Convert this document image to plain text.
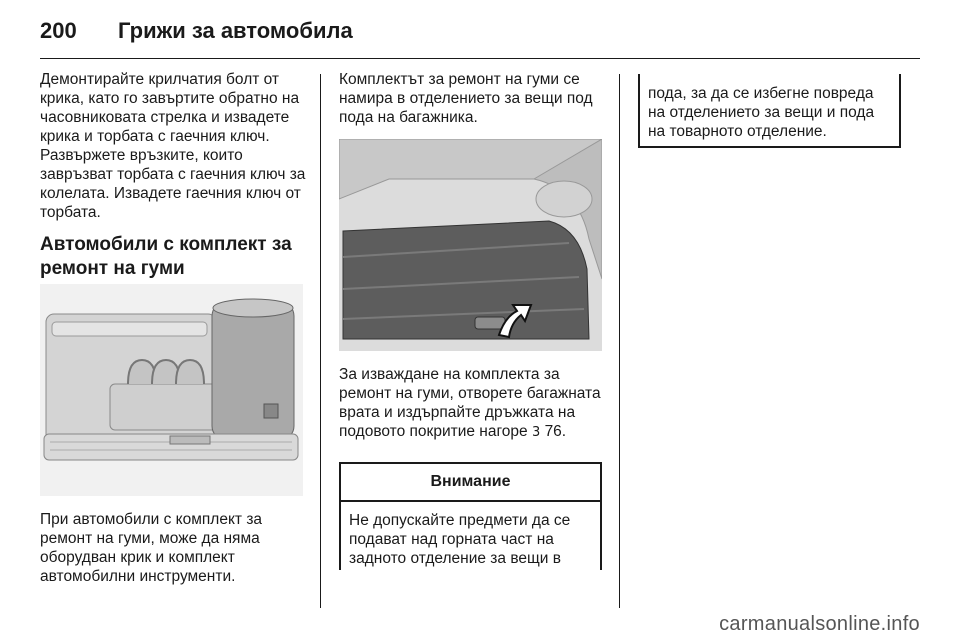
200 Грижи за автомобила

Демонтирайте крилчатия болт от крика, като го завъртите обратно на часовниковата стрелка и извадете крика и торбата с гаечния ключ. Развържете връзките, които завръзват торбата с гаечния ключ за колелата. Извадете гаечния ключ от торбата.

Автомобили с комплект за ремонт на гуми

При автомобили с комплект за ремонт на гуми, може да няма оборудван крик и комплект автомобилни инструменти.

Комплектът за ремонт на гуми се намира в отделението за вещи под пода на багажника.

За изваждане на комплекта за ремонт на гуми, отворете багажната врата и издърпайте дръжката на подовото покритие нагоре 3 76.

Внимание
Не допускайте предмети да се подават над горната част на задното отделение за вещи в
пода, за да се избегне повреда на отделението за вещи и пода на товарното отделение.
carmanualsonline.info
